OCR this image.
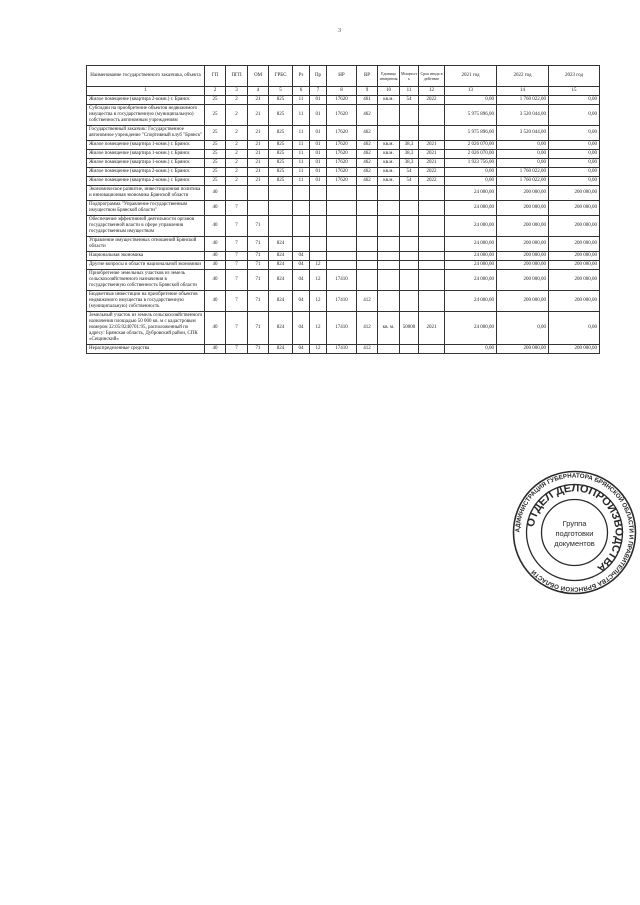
3
Наименование государственного заказчика, объекта	ГП	ПГП	ОМ	ГРБС	Рз	Пр	НР	ВР	Единица измерения	Мощност ь	Срок ввода в действие	2021 год	2022 год	2023 год
1	2	3	4	5	6	7	8	9	10	11	12	13	14	15
Жилое помещение (квартира 2-комн.) г. Брянск	25	2	21	825	11	01	17620	461	кв.м.	54	2022	0,00	1 760 022,00	0,00
Субсидии на приобретение объектов недвижимого имущества в государственную (муниципальную) собственность автономным учреждениям	25	2	21	825	11	01	17620	462				5 975 896,00	3 520 044,00	0,00
Государственный заказчик: Государственное автономное учреждение "Спортивный клуб "Брянск"	25	2	21	825	11	01	17620	462				5 975 896,00	3 520 044,00	0,00
Жилое помещение (квартира 1-комн.) г. Брянск	25	2	21	825	11	01	17620	462	кв.м.	38,3	2021	2 026 070,00	0,00	0,00
Жилое помещение (квартира 1-комн.) г. Брянск	25	2	21	825	11	01	17620	462	кв.м.	38,3	2021	2 026 070,00	0,00	0,00
Жилое помещение (квартира 1-комн.) г. Брянск	25	2	21	825	11	01	17620	462	кв.м.	38,3	2021	1 923 756,00	0,00	0,00
Жилое помещение (квартира 2-комн.) г. Брянск	25	2	21	825	11	01	17620	462	кв.м.	54	2022	0,00	1 760 022,00	0,00
Жилое помещение (квартира 2-комн.) г. Брянск	25	2	21	825	11	01	17620	462	кв.м.	54	2022	0,00	1 760 022,00	0,00
Экономическое развитие, инвестиционная политика и инновационная экономика Брянской области	40											24 000,00	200 000,00	200 000,00
Подпрограмма "Управление государственным имуществом Брянской области"	40	7										24 000,00	200 000,00	200 000,00
Обеспечение эффективной деятельности органов государственной власти в сфере управления государственным имуществом	40	7	71									24 000,00	200 000,00	200 000,00
Управление имущественных отношений Брянской области	40	7	71	824								24 000,00	200 000,00	200 000,00
Национальная экономика	40	7	71	824	04							24 000,00	200 000,00	200 000,00
Другие вопросы в области национальной экономики	40	7	71	824	04	12						24 000,00	200 000,00	200 000,00
Приобретение земельных участков из земель сельскохозяйственного назначения в государственную собственность Брянской области	40	7	71	824	04	12	17410					24 000,00	200 000,00	200 000,00
Бюджетные инвестиции на приобретение объектов недвижимого имущества в государственную (муниципальную) собственность	40	7	71	824	04	12	17410	412				24 000,00	200 000,00	200 000,00
Земельный участок из земель сельскохозяйственного назначения площадью 50 000 кв. м с кадастровым номером 32:05:0240701:95, расположенный по адресу: Брянская область, Дубровский район, СПК «Сещинский»	40	7	71	824	04	12	17410	412	кв. м.	50000	2021	24 000,00	0,00	0,00
Нераспределенные средства	40	7	71	824	04	12	17410	412				0,00	200 000,00	200 000,00
АДМИНИСТРАЦИЯ ГУБЕРНАТОРА БРЯНСКОЙ ОБЛАСТИ И ПРАВИТЕЛЬСТВА БРЯНСКОЙ ОБЛАСТИ
ОТДЕЛ ДЕЛОПРОИЗВОДСТВА
Группа
подготовки
документов
